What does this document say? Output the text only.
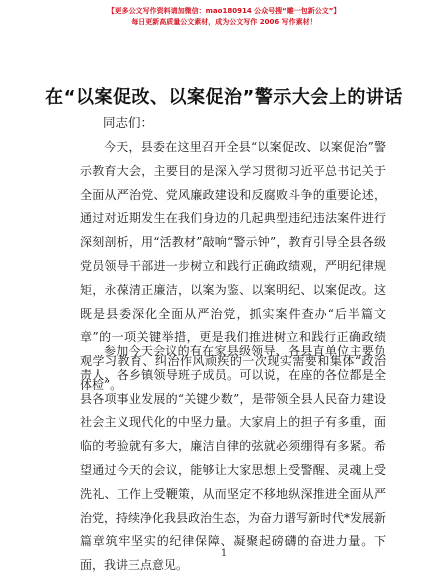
【更多公文写作资料请加微信：mao180914 公众号搜“雕一包新公文”】
每日更新高质量公文素材，成为公文写作 2006 写作素材！
在“以案促改、以案促治”警示大会上的讲话
同志们：

今天，县委在这里召开全县“以案促改、以案促治”警示教育大会，主要目的是深入学习贯彻习近平总书记关于全面从严治党、党风廉政建设和反腐败斗争的重要论述，通过对近期发生在我们身边的几起典型违纪违法案件进行深刻剖析，用“活教材”敲响“警示钟”，教育引导全县各级党员领导干部进一步树立和践行正确政绩观，严明纪律规矩，永葆清正廉洁，以案为鉴、以案明纪、以案促改。这既是县委深化全面从严治党，抓实案件查办“后半篇文章”的一项关键举措，更是我们推进树立和践行正确政绩观学习教育、纠治作风顽疾的一次现实需要和集体“政治体检”。

参加今天会议的有在家县级领导、各县直单位主要负责人、各乡镇领导班子成员。可以说，在座的各位都是全县各项事业发展的“关键少数”，是带领全县人民奋力建设社会主义现代化的中坚力量。大家肩上的担子有多重，面临的考验就有多大，廉洁自律的弦就必须绷得有多紧。希望通过今天的会议，能够让大家思想上受警醒、灵魂上受洗礼、工作上受鞭策，从而坚定不移地纵深推进全面从严治党，持续净化我县政治生态，为奋力谱写新时代*发展新篇章筑牢坚实的纪律保障、凝聚起磅礴的奋进力量。下面，我讲三点意见。

1
